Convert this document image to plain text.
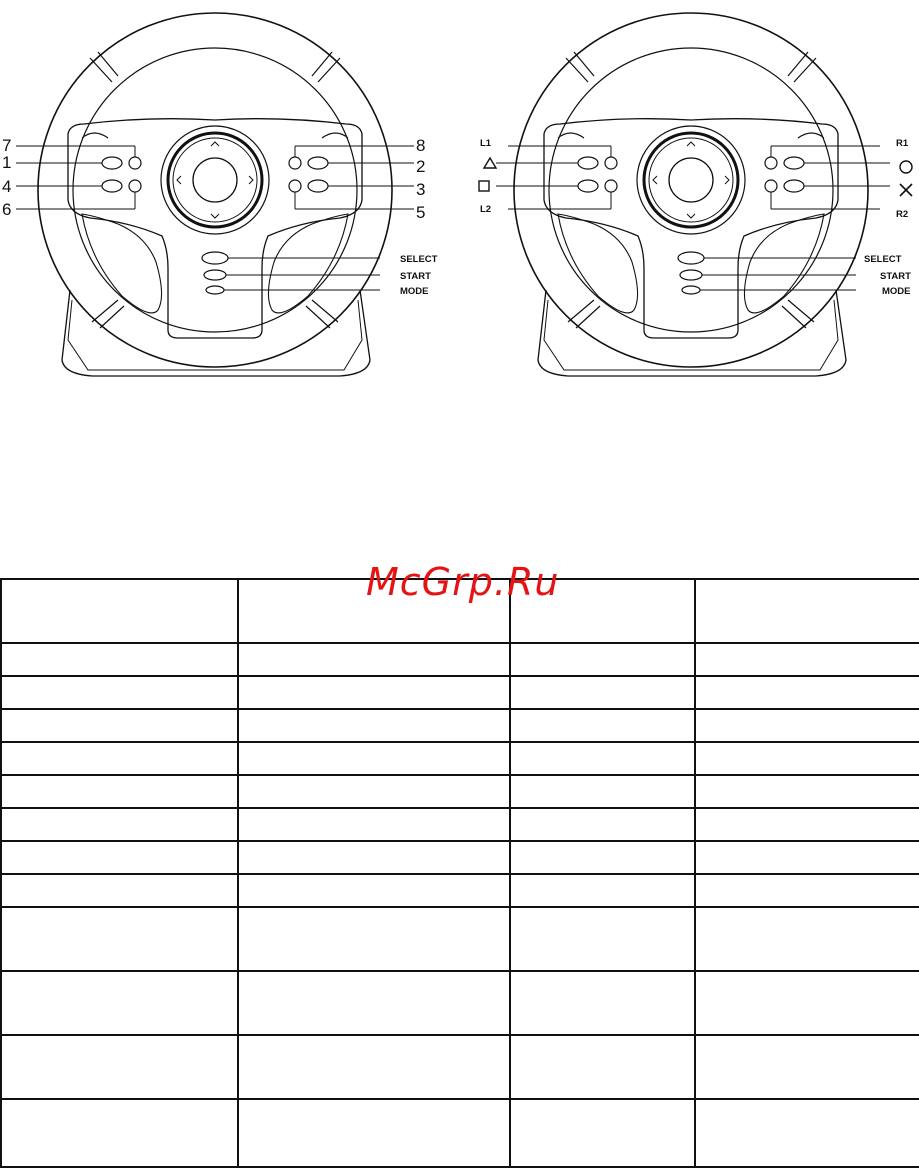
7
1
4
6
8
2
3
5
SELECT
START
MODE
L1
L2
R1
R2
SELECT
START
MODE

McGrp.Ru
